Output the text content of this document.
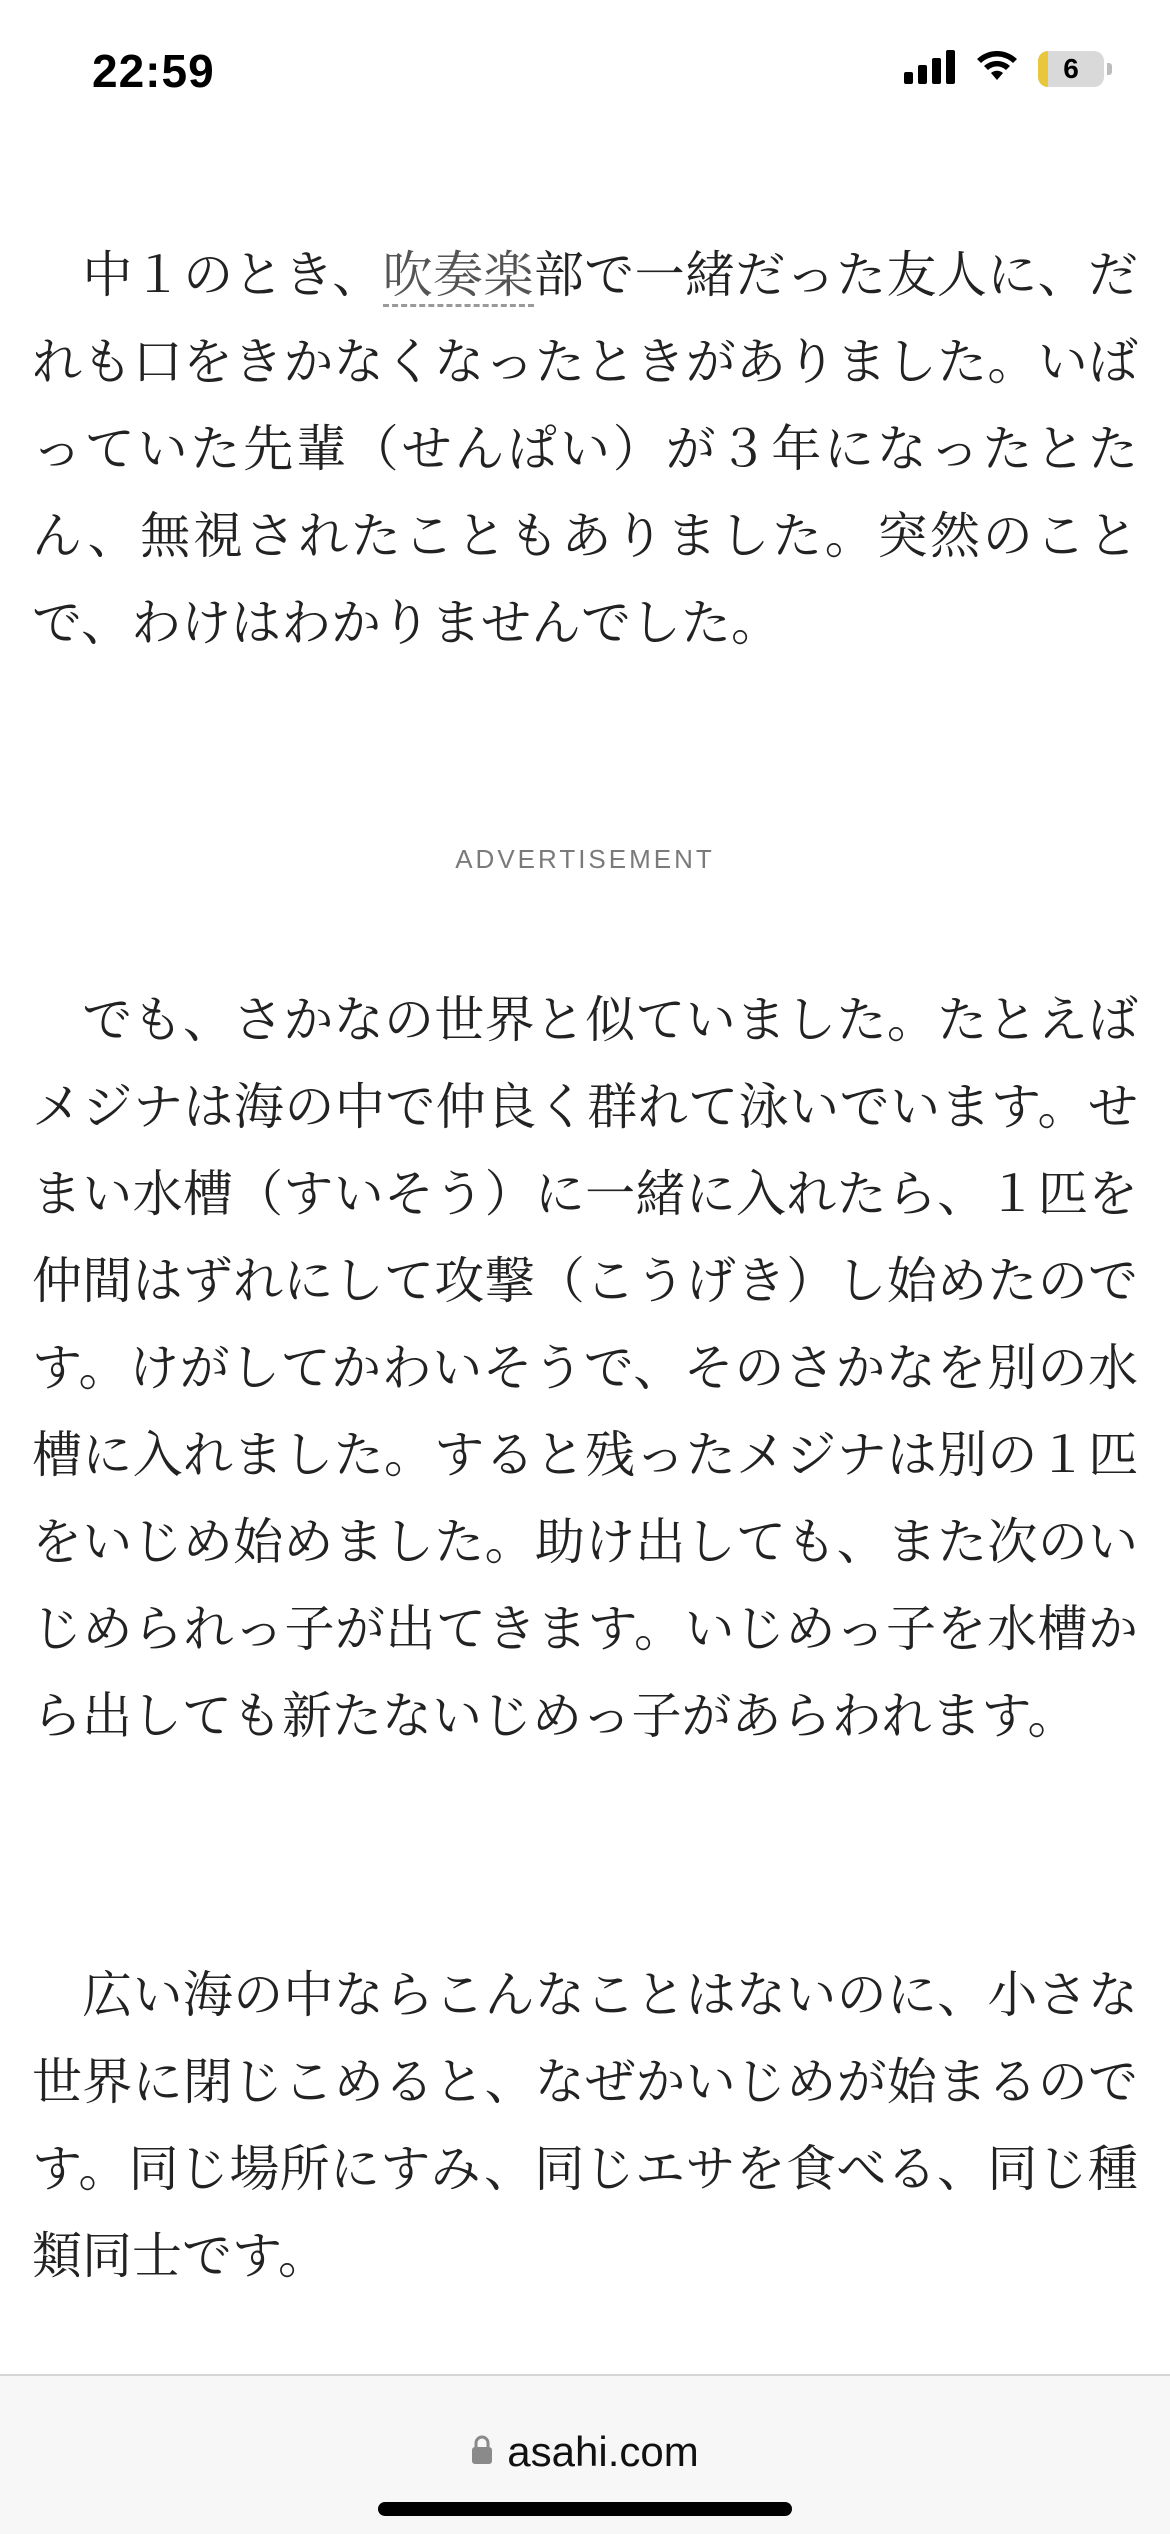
22:59	6

中１のとき、吹奏楽部で一緒だった友人に、だれも口をきかなくなったときがありました。いばっていた先輩（せんぱい）が３年になったとたん、無視されたこともありました。突然のことで、わけはわかりませんでした。

ADVERTISEMENT

でも、さかなの世界と似ていました。たとえばメジナは海の中で仲良く群れて泳いでいます。せまい水槽（すいそう）に一緒に入れたら、１匹を仲間はずれにして攻撃（こうげき）し始めたのです。けがしてかわいそうで、そのさかなを別の水槽に入れました。すると残ったメジナは別の１匹をいじめ始めました。助け出しても、また次のいじめられっ子が出てきます。いじめっ子を水槽から出しても新たないじめっ子があらわれます。

広い海の中ならこんなことはないのに、小さな世界に閉じこめると、なぜかいじめが始まるのです。同じ場所にすみ、同じエサを食べる、同じ種類同士です。

asahi.com
